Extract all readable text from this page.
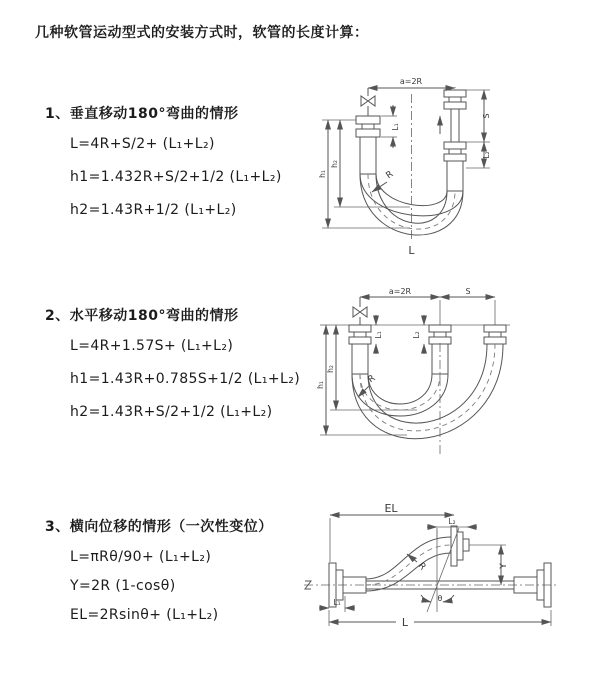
几种软管运动型式的安装方式时，软管的长度计算：
1、垂直移动180°弯曲的情形
L=4R+S/2+ (L₁+L₂)
h1=1.432R+S/2+1/2 (L₁+L₂)
h2=1.43R+1/2 (L₁+L₂)
2、水平移动180°弯曲的情形
L=4R+1.57S+ (L₁+L₂)
h1=1.43R+0.785S+1/2 (L₁+L₂)
h2=1.43R+S/2+1/2 (L₁+L₂)
3、横向位移的情形（一次性变位）
L=πRθ/90+ (L₁+L₂)
Y=2R (1-cosθ)
EL=2Rsinθ+ (L₁+L₂)
a=2R
L₁
S
L₂
h₁
h₂
R
L
a=2R	S
L₁	L₂
h₁
h₂
R
EL
L₂
Y
θ
R
L₁
L
